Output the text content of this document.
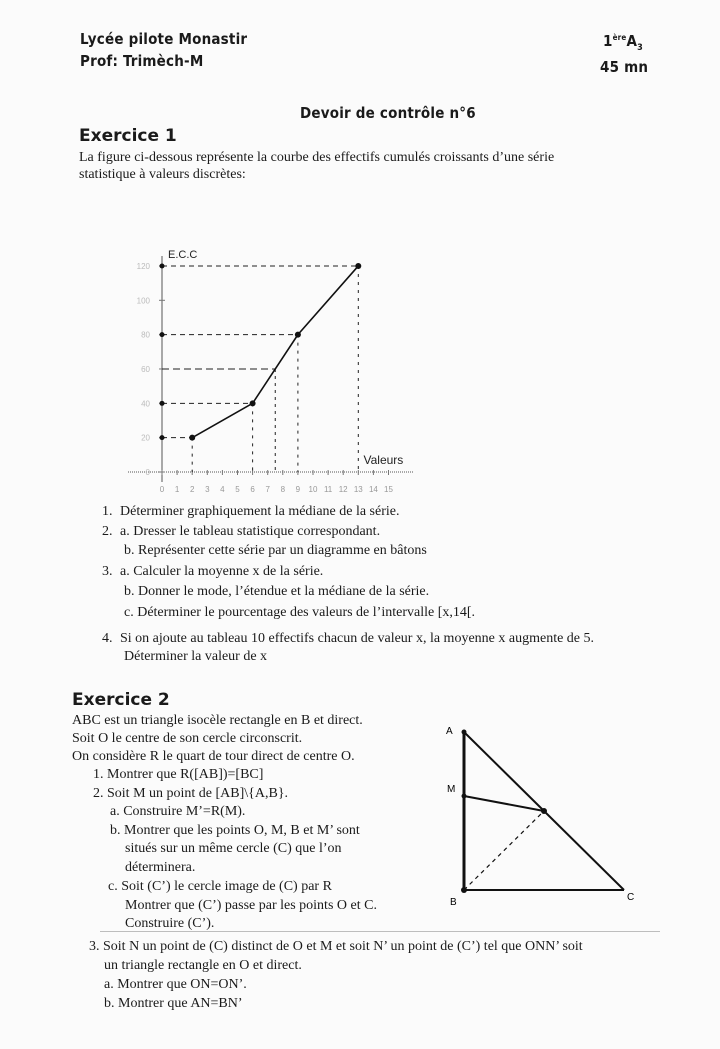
Lycée pilote Monastir
Prof: Trimèch-M
$1èreA_3$
45 mn
Devoir de contrôle n°6
Exercice 1
La figure ci-dessous représente la courbe des effectifs cumulés croissants d’une série
statistique à valeurs discrètes:
0
20
40
60
80
100
120
0 1 2 3 4 5 6 7 8 9 10 11 12 13 14 15
E.C.C
Valeurs
1. Déterminer graphiquement la médiane de la série.
2. a. Dresser le tableau statistique correspondant.
b. Représenter cette série par un diagramme en bâtons
3. a. Calculer la moyenne x de la série.
b. Donner le mode, l’étendue et la médiane de la série.
c. Déterminer le pourcentage des valeurs de l’intervalle [x,14[.
4. Si on ajoute au tableau 10 effectifs chacun de valeur x, la moyenne x augmente de 5.
Déterminer la valeur de x
Exercice 2
ABC est un triangle isocèle rectangle en B et direct.
Soit O le centre de son cercle circonscrit.
On considère R le quart de tour direct de centre O.
1. Montrer que R([AB])=[BC]
2. Soit M un point de [AB]\{A,B}.
a. Construire M’=R(M).
b. Montrer que les points O, M, B et M’ sont
situés sur un même cercle (C) que l’on
déterminera.
c. Soit (C’) le cercle image de (C) par R
Montrer que (C’) passe par les points O et C.
Construire (C’).
3. Soit N un point de (C) distinct de O et M et soit N’ un point de (C’) tel que ONN’ soit
un triangle rectangle en O et direct.
a. Montrer que ON=ON’.
b. Montrer que AN=BN’
A
M
B	C
